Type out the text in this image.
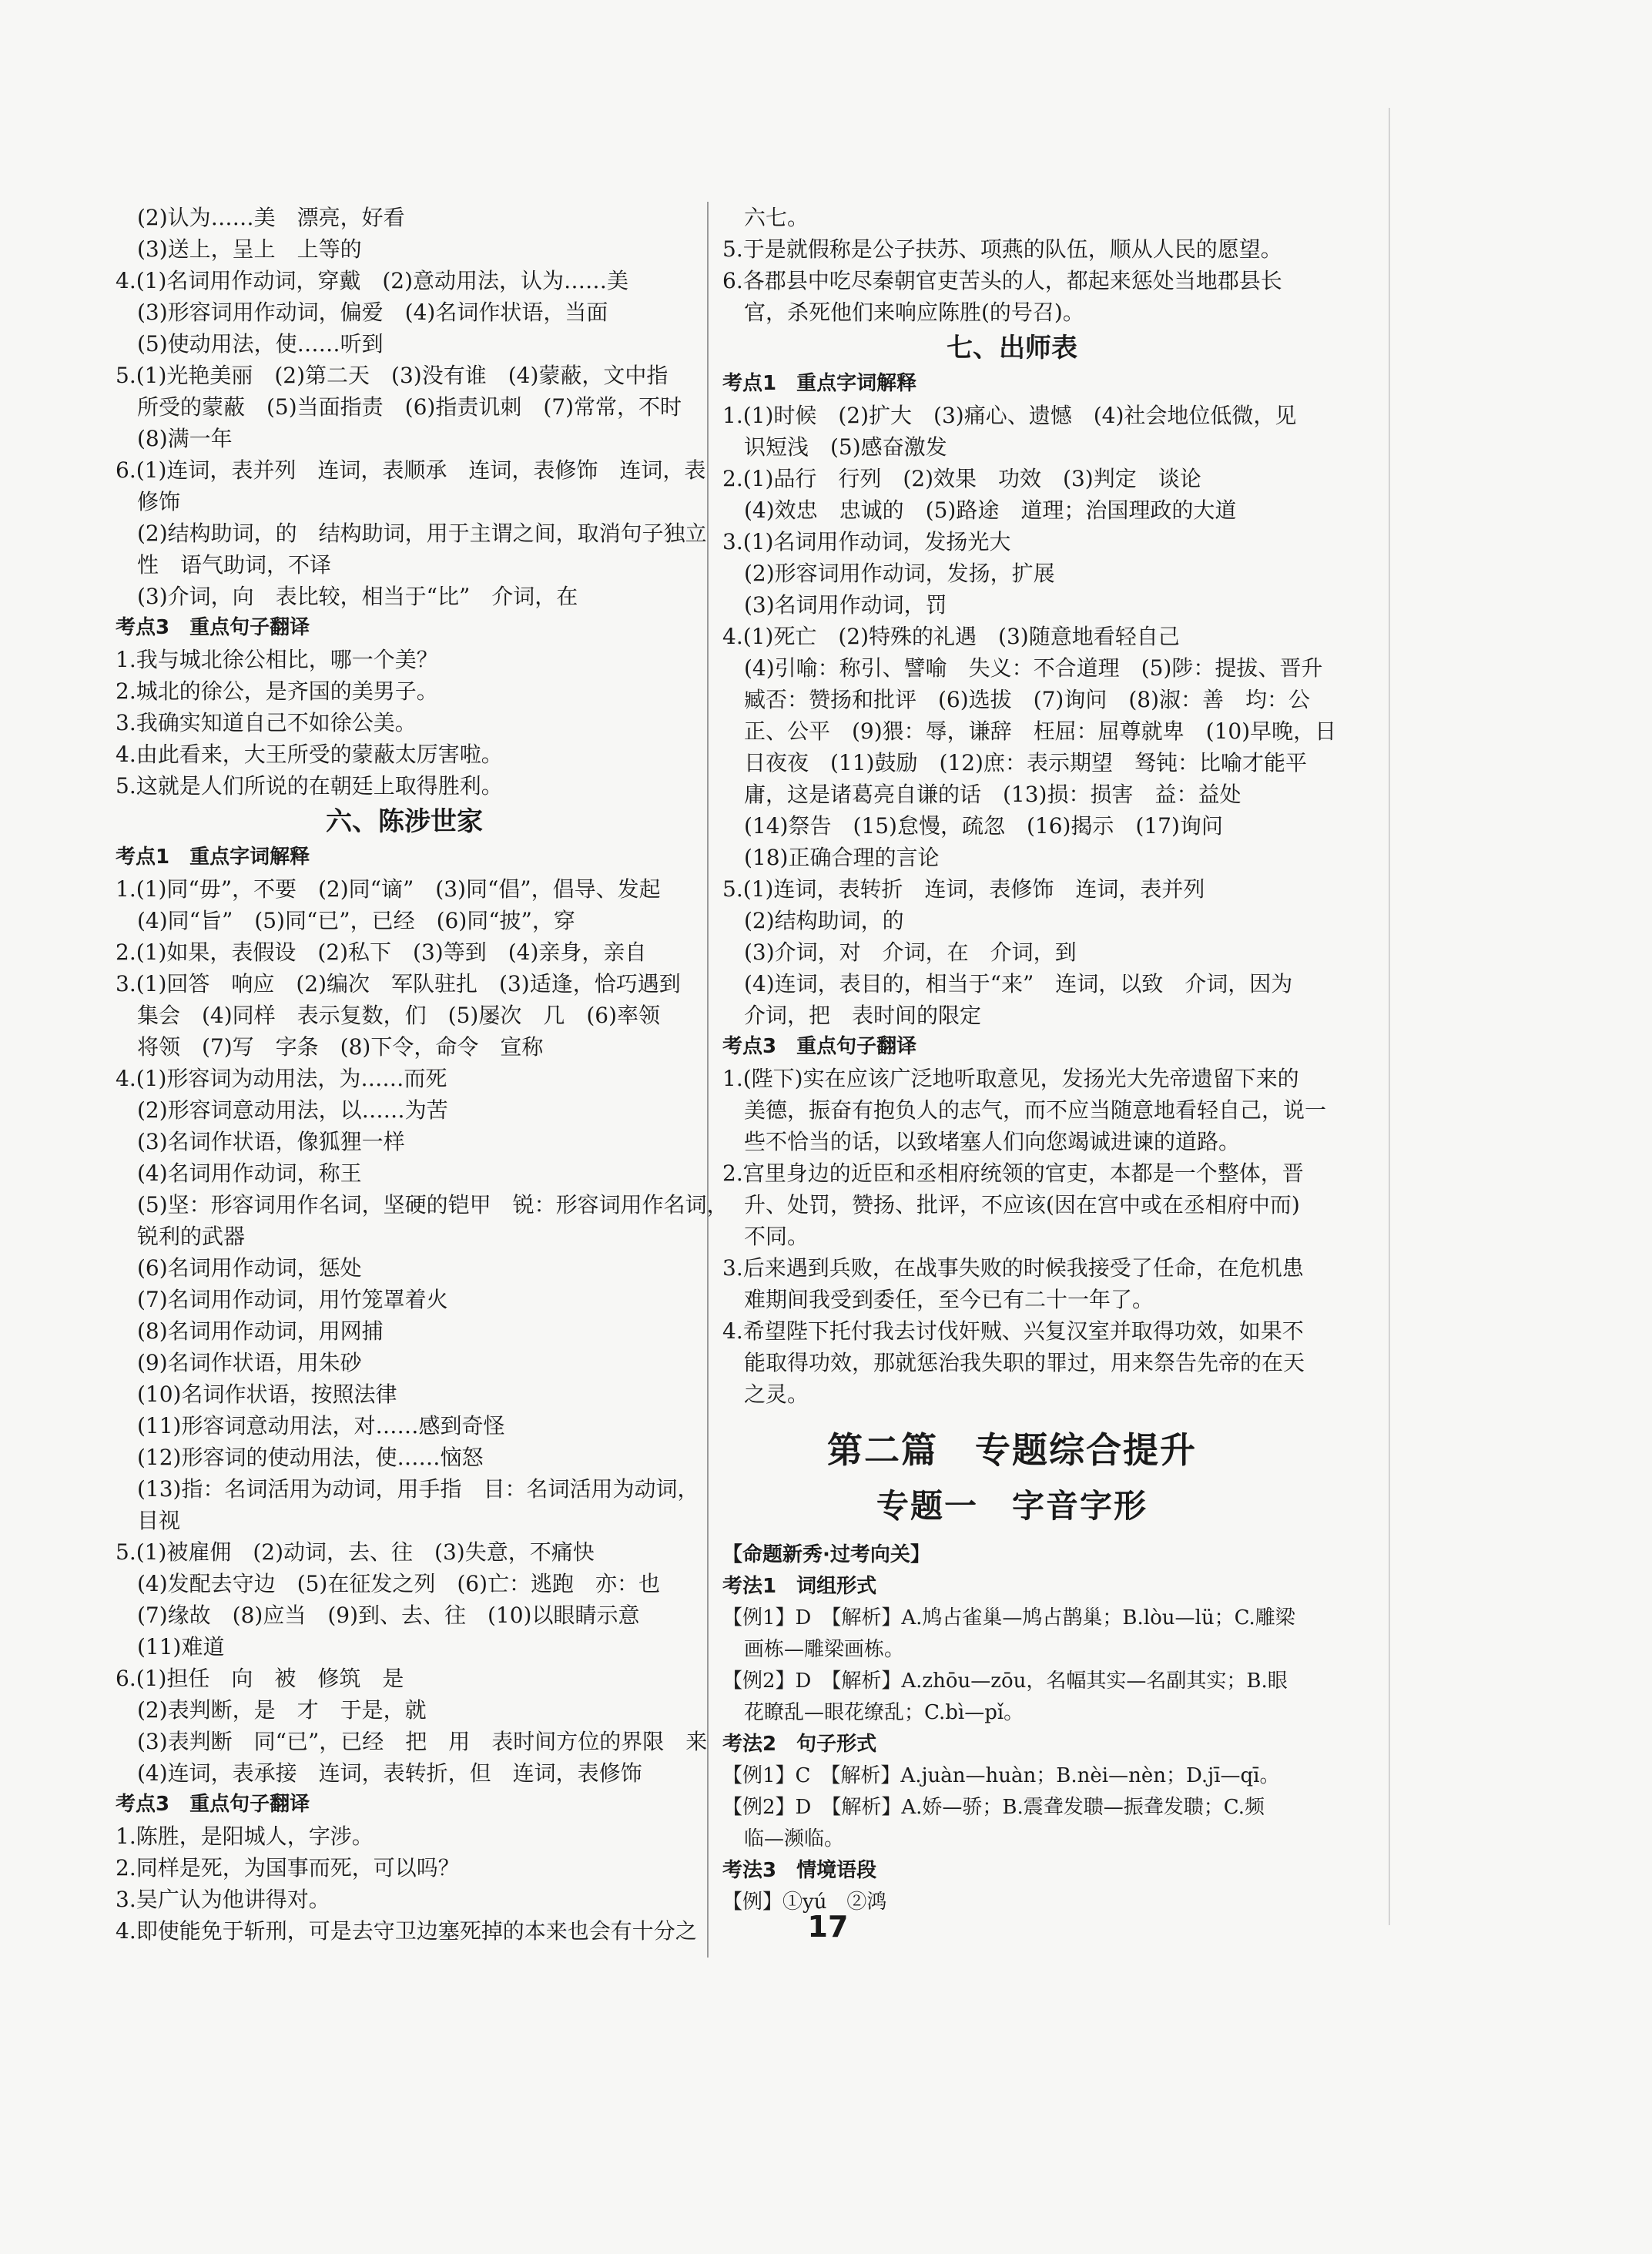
(2)认为……美　漂亮，好看
(3)送上，呈上　上等的
4.(1)名词用作动词，穿戴　(2)意动用法，认为……美
(3)形容词用作动词，偏爱　(4)名词作状语，当面
(5)使动用法，使……听到
5.(1)光艳美丽　(2)第二天　(3)没有谁　(4)蒙蔽，文中指
所受的蒙蔽　(5)当面指责　(6)指责讥刺　(7)常常，不时
(8)满一年
6.(1)连词，表并列　连词，表顺承　连词，表修饰　连词，表
修饰
(2)结构助词，的　结构助词，用于主谓之间，取消句子独立
性　语气助词，不译
(3)介词，向　表比较，相当于“比”　介词，在
考点3　重点句子翻译
1.我与城北徐公相比，哪一个美？
2.城北的徐公，是齐国的美男子。
3.我确实知道自己不如徐公美。
4.由此看来，大王所受的蒙蔽太厉害啦。
5.这就是人们所说的在朝廷上取得胜利。
六、陈涉世家
考点1　重点字词解释
1.(1)同“毋”，不要　(2)同“谪”　(3)同“倡”，倡导、发起
(4)同“旨”　(5)同“已”，已经　(6)同“披”，穿
2.(1)如果，表假设　(2)私下　(3)等到　(4)亲身，亲自
3.(1)回答　响应　(2)编次　军队驻扎　(3)适逢，恰巧遇到
集会　(4)同样　表示复数，们　(5)屡次　几　(6)率领
将领　(7)写　字条　(8)下令，命令　宣称
4.(1)形容词为动用法，为……而死
(2)形容词意动用法，以……为苦
(3)名词作状语，像狐狸一样
(4)名词用作动词，称王
(5)坚：形容词用作名词，坚硬的铠甲　锐：形容词用作名词，
锐利的武器
(6)名词用作动词，惩处
(7)名词用作动词，用竹笼罩着火
(8)名词用作动词，用网捕
(9)名词作状语，用朱砂
(10)名词作状语，按照法律
(11)形容词意动用法，对……感到奇怪
(12)形容词的使动用法，使……恼怒
(13)指：名词活用为动词，用手指　目：名词活用为动词，
目视
5.(1)被雇佣　(2)动词，去、往　(3)失意，不痛快
(4)发配去守边　(5)在征发之列　(6)亡：逃跑　亦：也
(7)缘故　(8)应当　(9)到、去、往　(10)以眼睛示意
(11)难道
6.(1)担任　向　被　修筑　是
(2)表判断，是　才　于是，就
(3)表判断　同“已”，已经　把　用　表时间方位的界限　来
(4)连词，表承接　连词，表转折，但　连词，表修饰
考点3　重点句子翻译
1.陈胜，是阳城人，字涉。
2.同样是死，为国事而死，可以吗？
3.吴广认为他讲得对。
4.即使能免于斩刑，可是去守卫边塞死掉的本来也会有十分之
六七。
5.于是就假称是公子扶苏、项燕的队伍，顺从人民的愿望。
6.各郡县中吃尽秦朝官吏苦头的人，都起来惩处当地郡县长
官，杀死他们来响应陈胜(的号召)。
七、出师表
考点1　重点字词解释
1.(1)时候　(2)扩大　(3)痛心、遗憾　(4)社会地位低微，见
识短浅　(5)感奋激发
2.(1)品行　行列　(2)效果　功效　(3)判定　谈论
(4)效忠　忠诚的　(5)路途　道理；治国理政的大道
3.(1)名词用作动词，发扬光大
(2)形容词用作动词，发扬，扩展
(3)名词用作动词，罚
4.(1)死亡　(2)特殊的礼遇　(3)随意地看轻自己
(4)引喻：称引、譬喻　失义：不合道理　(5)陟：提拔、晋升
臧否：赞扬和批评　(6)选拔　(7)询问　(8)淑：善　均：公
正、公平　(9)猥：辱，谦辞　枉屈：屈尊就卑　(10)早晚，日
日夜夜　(11)鼓励　(12)庶：表示期望　驽钝：比喻才能平
庸，这是诸葛亮自谦的话　(13)损：损害　益：益处
(14)祭告　(15)怠慢，疏忽　(16)揭示　(17)询问
(18)正确合理的言论
5.(1)连词，表转折　连词，表修饰　连词，表并列
(2)结构助词，的
(3)介词，对　介词，在　介词，到
(4)连词，表目的，相当于“来”　连词，以致　介词，因为
介词，把　表时间的限定
考点3　重点句子翻译
1.(陛下)实在应该广泛地听取意见，发扬光大先帝遗留下来的
美德，振奋有抱负人的志气，而不应当随意地看轻自己，说一
些不恰当的话，以致堵塞人们向您竭诚进谏的道路。
2.宫里身边的近臣和丞相府统领的官吏，本都是一个整体，晋
升、处罚，赞扬、批评，不应该(因在宫中或在丞相府中而)
不同。
3.后来遇到兵败，在战事失败的时候我接受了任命，在危机患
难期间我受到委任，至今已有二十一年了。
4.希望陛下托付我去讨伐奸贼、兴复汉室并取得功效，如果不
能取得功效，那就惩治我失职的罪过，用来祭告先帝的在天
之灵。
第二篇　专题综合提升
专题一　字音字形
【命题新秀·过考向关】
考法1　词组形式
【例1】D　【解析】A.鸠占雀巢—鸠占鹊巢；B.lòu—lü；C.雕梁
画栋—雕梁画栋。
【例2】D　【解析】A.zhōu—zōu，名幅其实—名副其实；B.眼
花瞭乱—眼花缭乱；C.bì—pǐ。
考法2　句子形式
【例1】C　【解析】A.juàn—huàn；B.nèi—nèn；D.jī—qī。
【例2】D　【解析】A.娇—骄；B.震聋发聩—振聋发聩；C.频
临—濒临。
考法3　情境语段
【例】①yú　②鸿
17
